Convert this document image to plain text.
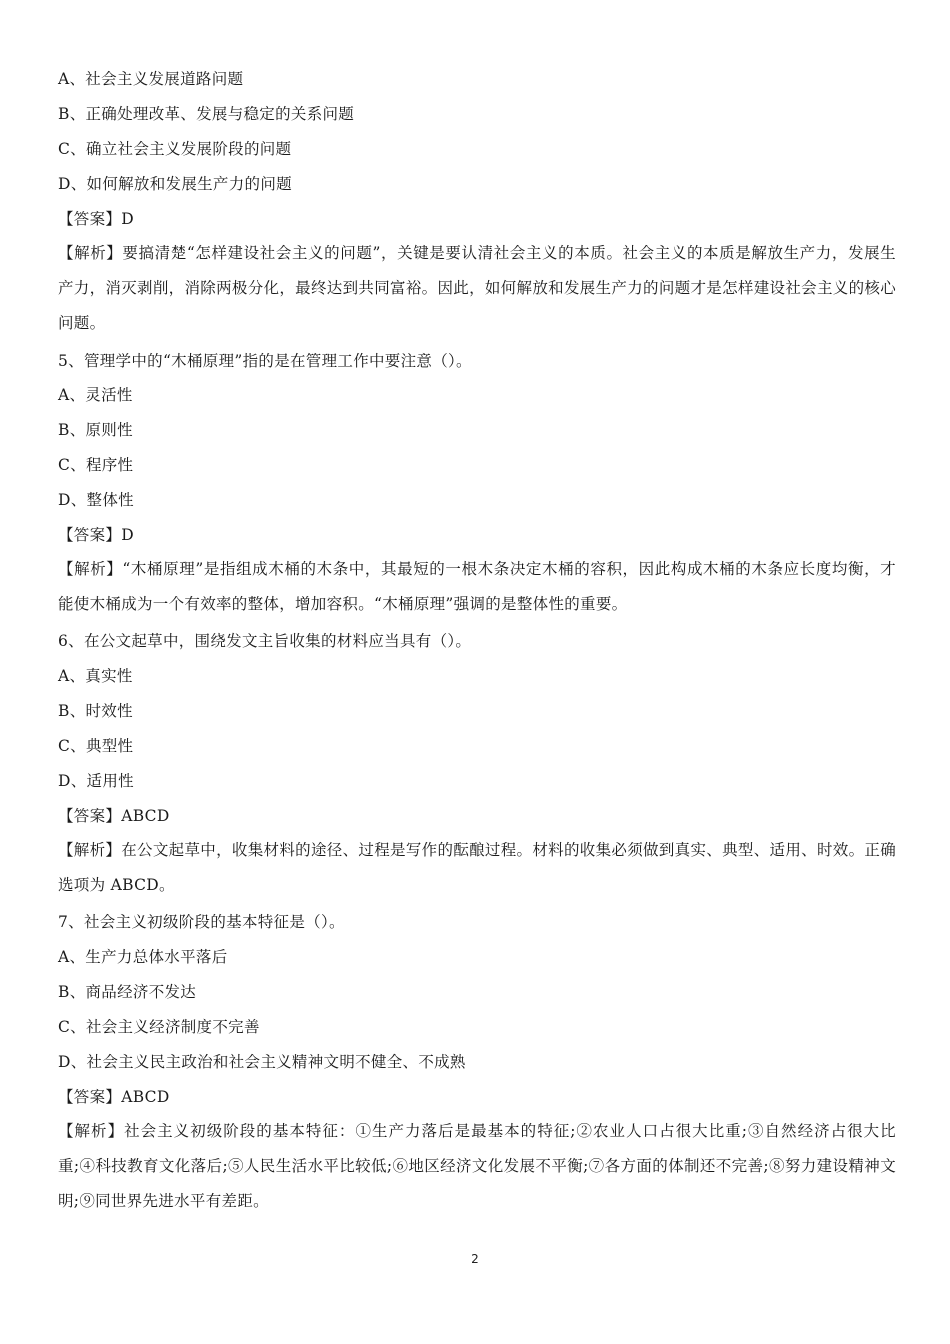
A、社会主义发展道路问题
B、正确处理改革、发展与稳定的关系问题
C、确立社会主义发展阶段的问题
D、如何解放和发展生产力的问题
【答案】D
【解析】要搞清楚“怎样建设社会主义的问题”，关键是要认清社会主义的本质。社会主义的本质是解放生产力，发展生产力，消灭剥削，消除两极分化，最终达到共同富裕。因此，如何解放和发展生产力的问题才是怎样建设社会主义的核心问题。
5、管理学中的“木桶原理”指的是在管理工作中要注意（）。
A、灵活性
B、原则性
C、程序性
D、整体性
【答案】D
【解析】“木桶原理”是指组成木桶的木条中，其最短的一根木条决定木桶的容积，因此构成木桶的木条应长度均衡，才能使木桶成为一个有效率的整体，增加容积。“木桶原理”强调的是整体性的重要。
6、在公文起草中，围绕发文主旨收集的材料应当具有（）。
A、真实性
B、时效性
C、典型性
D、适用性
【答案】ABCD
【解析】在公文起草中，收集材料的途径、过程是写作的酝酿过程。材料的收集必须做到真实、典型、适用、时效。正确选项为 ABCD。
7、社会主义初级阶段的基本特征是（）。
A、生产力总体水平落后
B、商品经济不发达
C、社会主义经济制度不完善
D、社会主义民主政治和社会主义精神文明不健全、不成熟
【答案】ABCD
【解析】社会主义初级阶段的基本特征：①生产力落后是最基本的特征;②农业人口占很大比重;③自然经济占很大比重;④科技教育文化落后;⑤人民生活水平比较低;⑥地区经济文化发展不平衡;⑦各方面的体制还不完善;⑧努力建设精神文明;⑨同世界先进水平有差距。
2
